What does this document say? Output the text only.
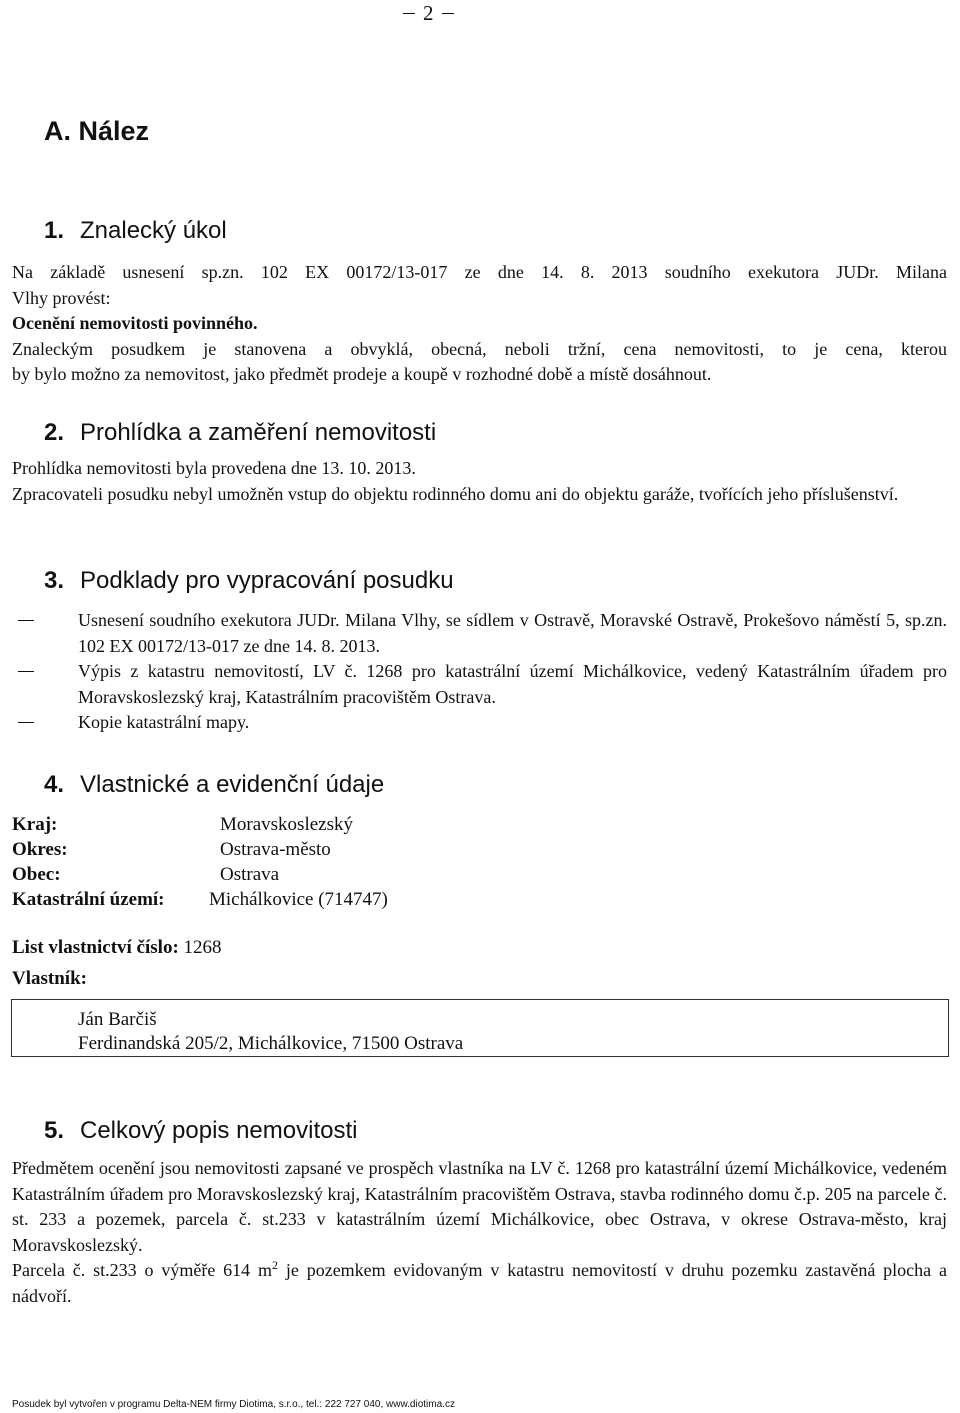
2
A. Nález
1. Znalecký úkol
Na základě usnesení sp.zn. 102 EX 00172/13-017 ze dne 14. 8. 2013 soudního exekutora JUDr. Milana
Vlhy provést:
Ocenění nemovitosti povinného.
Znaleckým posudkem je stanovena a obvyklá, obecná, neboli tržní, cena nemovitosti, to je cena, kterou
by bylo možno za nemovitost, jako předmět prodeje a koupě v rozhodné době a místě dosáhnout.
2. Prohlídka a zaměření nemovitosti
Prohlídka nemovitosti byla provedena dne 13. 10. 2013.
Zpracovateli posudku nebyl umožněn vstup do objektu rodinného domu ani do objektu garáže, tvořících jeho příslušenství.
3. Podklady pro vypracování posudku
Usnesení soudního exekutora JUDr. Milana Vlhy, se sídlem v Ostravě, Moravské Ostravě, Prokešovo náměstí 5, sp.zn. 102 EX 00172/13-017 ze dne 14. 8. 2013.
Výpis z katastru nemovitostí, LV č. 1268 pro katastrální území Michálkovice, vedený Katastrálním úřadem pro Moravskoslezský kraj, Katastrálním pracovištěm Ostrava.
Kopie katastrální mapy.
4. Vlastnické a evidenční údaje
Kraj:	Moravskoslezský
Okres:	Ostrava-město
Obec:	Ostrava
Katastrální území:	Michálkovice (714747)
List vlastnictví číslo:
1268
Vlastník:
Ján Barčiš
Ferdinandská 205/2, Michálkovice, 71500 Ostrava
5. Celkový popis nemovitosti
Předmětem ocenění jsou nemovitosti zapsané ve prospěch vlastníka na LV č. 1268 pro katastrální území Michálkovice, vedeném Katastrálním úřadem pro Moravskoslezský kraj, Katastrálním pracovištěm Ostrava, stavba rodinného domu č.p. 205 na parcele č. st. 233 a pozemek, parcela č. st.233 v katastrálním území Michálkovice, obec Ostrava, v okrese Ostrava-město, kraj Moravskoslezský.
Parcela č. st.233 o výměře 614 $m^2$ je pozemkem evidovaným v katastru nemovitostí v druhu pozemku zastavěná plocha a nádvoří.
Posudek byl vytvořen v programu Delta-NEM firmy Diotima, s.r.o., tel.: 222 727 040, www.diotima.cz
